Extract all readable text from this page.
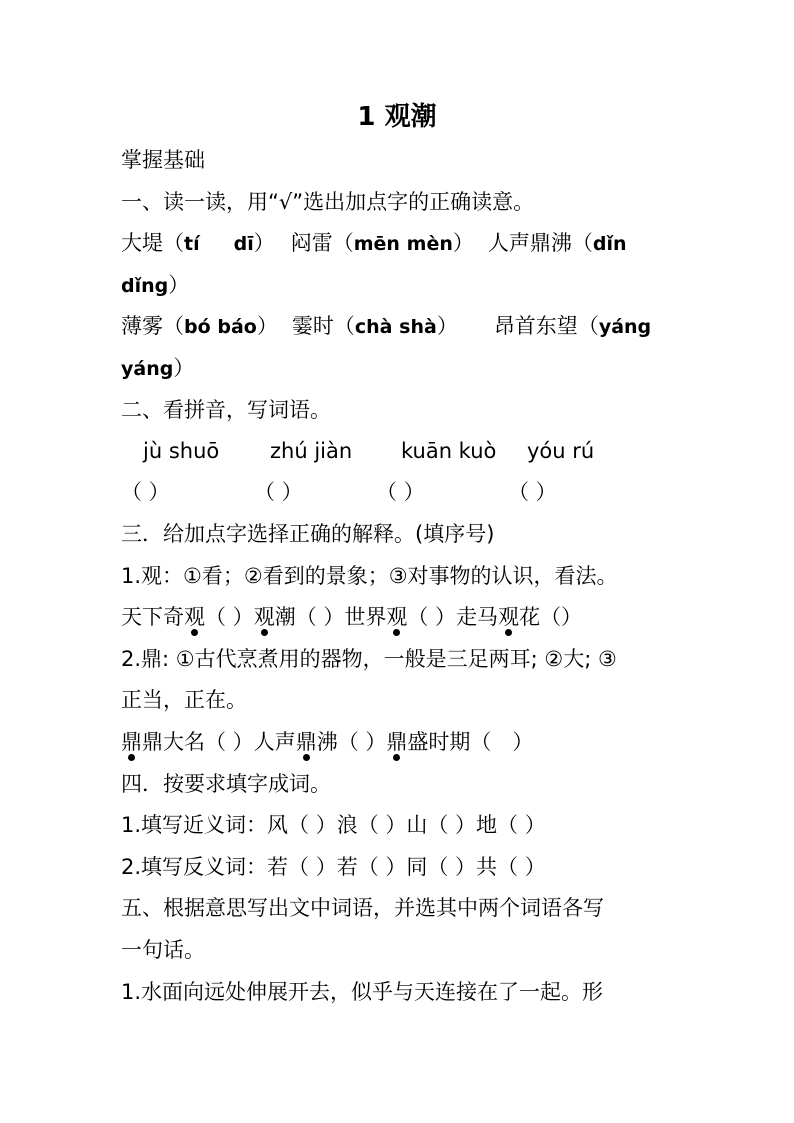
1 观潮
掌握基础
一、读一读，用“√”选出加点字的正确读意。
大堤（tí dī） 闷雷（mēn mèn） 人声鼎沸（dǐn
dǐng）
薄雾（bó báo） 霎时（chà shà） 昂首东望（yáng
yáng）
二、看拼音，写词语。
jù shuō zhú jiàn kuān kuò yóu rú
（ ）	（ ）	（ ）	（ ）
三．给加点字选择正确的解释。(填序号)
1.观：①看；②看到的景象；③对事物的认识，看法。
天下奇观（ ）观潮（ ）世界观（ ）走马观花（）
2.鼎: ①古代烹煮用的器物，一般是三足两耳; ②大; ③
正当，正在。
鼎鼎大名（ ）人声鼎沸（ ）鼎盛时期（　）
四．按要求填字成词。
1.填写近义词：风（ ）浪（ ）山（ ）地（ ）
2.填写反义词：若（ ）若（ ）同（ ）共（ ）
五、根据意思写出文中词语，并选其中两个词语各写
一句话。
1.水面向远处伸展开去，似乎与天连接在了一起。形
